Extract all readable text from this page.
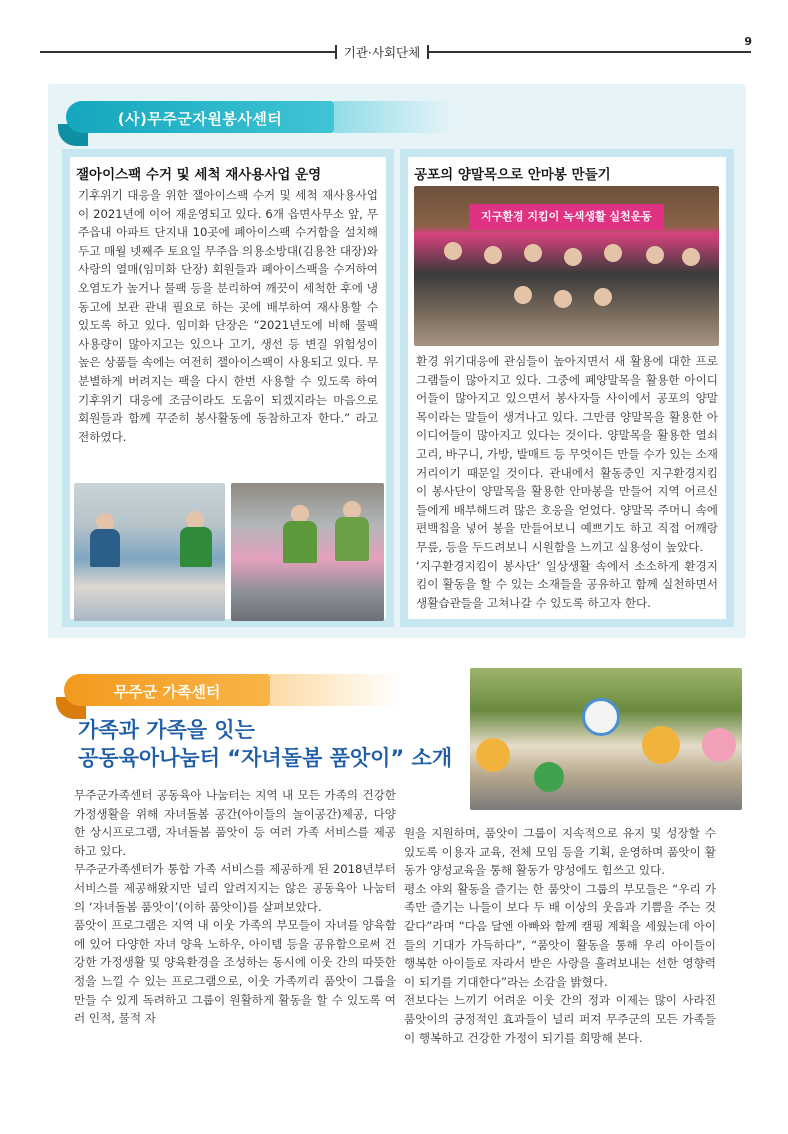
기관·사회단체
9
(사)무주군자원봉사센터
잴아이스팩 수거 및 세척 재사용사업 운영

기후위기 대응을 위한 잴아이스팩 수거 및 세척 재사용사업이 2021년에 이어 재운영되고 있다. 6개 읍면사무소 앞, 무주읍내 아파트 단지내 10곳에 폐아이스팩 수거함을 설치해두고 매월 넷째주 토요일 무주읍 의용소방대(김용찬 대장)와 사랑의 열매(임미화 단장) 회원들과 폐아이스팩을 수거하여 오염도가 높거나 물팩 등을 분리하여 깨끗이 세척한 후에 냉동고에 보관 관내 필요로 하는 곳에 배부하여 재사용할 수 있도록 하고 있다. 임미화 단장은 “2021년도에 비해 물팩 사용량이 많아지고는 있으나 고기, 생선 등 변질 위험성이 높은 상품들 속에는 여전히 잴아이스팩이 사용되고 있다. 무분별하게 버려지는 팩을 다시 한번 사용할 수 있도록 하여 기후위기 대응에 조금이라도 도움이 되겠지라는 마음으로 회원들과 함께 꾸준히 봉사활동에 동참하고자 한다.” 라고 전하였다.

공포의 양말목으로 안마봉 만들기
지구환경 지킴이 녹색생활 실천운동

환경 위기대응에 관심들이 높아지면서 새 활용에 대한 프로그램들이 많아지고 있다. 그중에 폐양말목을 활용한 아이디어들이 많아지고 있으면서 봉사자들 사이에서 공포의 양말목이라는 말들이 생겨나고 있다. 그만큼 양말목을 활용한 아이디어들이 많아지고 있다는 것이다. 양말목을 활용한 열쇠고리, 바구니, 가방, 발매트 등 무엇이든 만들 수가 있는 소재거리이기 때문일 것이다. 관내에서 활동중인 지구환경지킴이 봉사단이 양말목을 활용한 안마봉을 만들어 지역 어르신들에게 배부해드려 많은 호응을 얻었다. 양말목 주머니 속에 편백칩을 넣어 봉을 만들어보니 예쁘기도 하고 직접 어깨랑 무릎, 등을 두드려보니 시원함을 느끼고 실용성이 높았다.

‘지구환경지킴이 봉사단’ 일상생활 속에서 소소하게 환경지킴이 활동을 할 수 있는 소재들을 공유하고 함께 실천하면서 생활습관들을 고쳐나갈 수 있도록 하고자 한다.

무주군 가족센터
가족과 가족을 잇는
공동육아나눔터 “자녀돌봄 품앗이” 소개

무주군가족센터 공동육아 나눔터는 지역 내 모든 가족의 건강한 가정생활을 위해 자녀돌봄 공간(아이들의 놀이공간)제공, 다양한 상시프로그램, 자녀돌봄 품앗이 등 여러 가족 서비스를 제공하고 있다.

무주군가족센터가 통합 가족 서비스를 제공하게 된 2018년부터 서비스를 제공해왔지만 널리 알려지지는 않은 공동육아 나눔터의 ‘자녀돌봄 품앗이’(이하 품앗이)를 살펴보았다.

품앗이 프로그램은 지역 내 이웃 가족의 부모들이 자녀를 양육함에 있어 다양한 자녀 양육 노하우, 아이템 등을 공유함으로써 건강한 가정생활 및 양육환경을 조성하는 동시에 이웃 간의 따뜻한 정을 느낄 수 있는 프로그램으로, 이웃 가족끼리 품앗이 그룹을 만들 수 있게 독려하고 그룹이 원활하게 활동을 할 수 있도록 여러 인적, 물적 자

원을 지원하며, 품앗이 그룹이 지속적으로 유지 및 성장할 수 있도록 이용자 교육, 전체 모임 등을 기획, 운영하며 품앗이 활동가 양성교육을 통해 활동가 양성에도 힘쓰고 있다.

평소 야외 활동을 즐기는 한 품앗이 그룹의 부모들은 “우리 가족만 즐기는 나들이 보다 두 배 이상의 웃음과 기쁨을 주는 것 같다”라며 “다음 달엔 아빠와 함께 캠핑 계획을 세웠는데 아이들의 기대가 가득하다”, “품앗이 활동을 통해 우리 아이들이 행복한 아이들로 자라서 받은 사랑을 흘려보내는 선한 영향력이 되기를 기대한다”라는 소감을 밝혔다.

전보다는 느끼기 어려운 이웃 간의 정과 이제는 많이 사라진 품앗이의 긍정적인 효과들이 널리 퍼져 무주군의 모든 가족들이 행복하고 건강한 가정이 되기를 희망해 본다.
